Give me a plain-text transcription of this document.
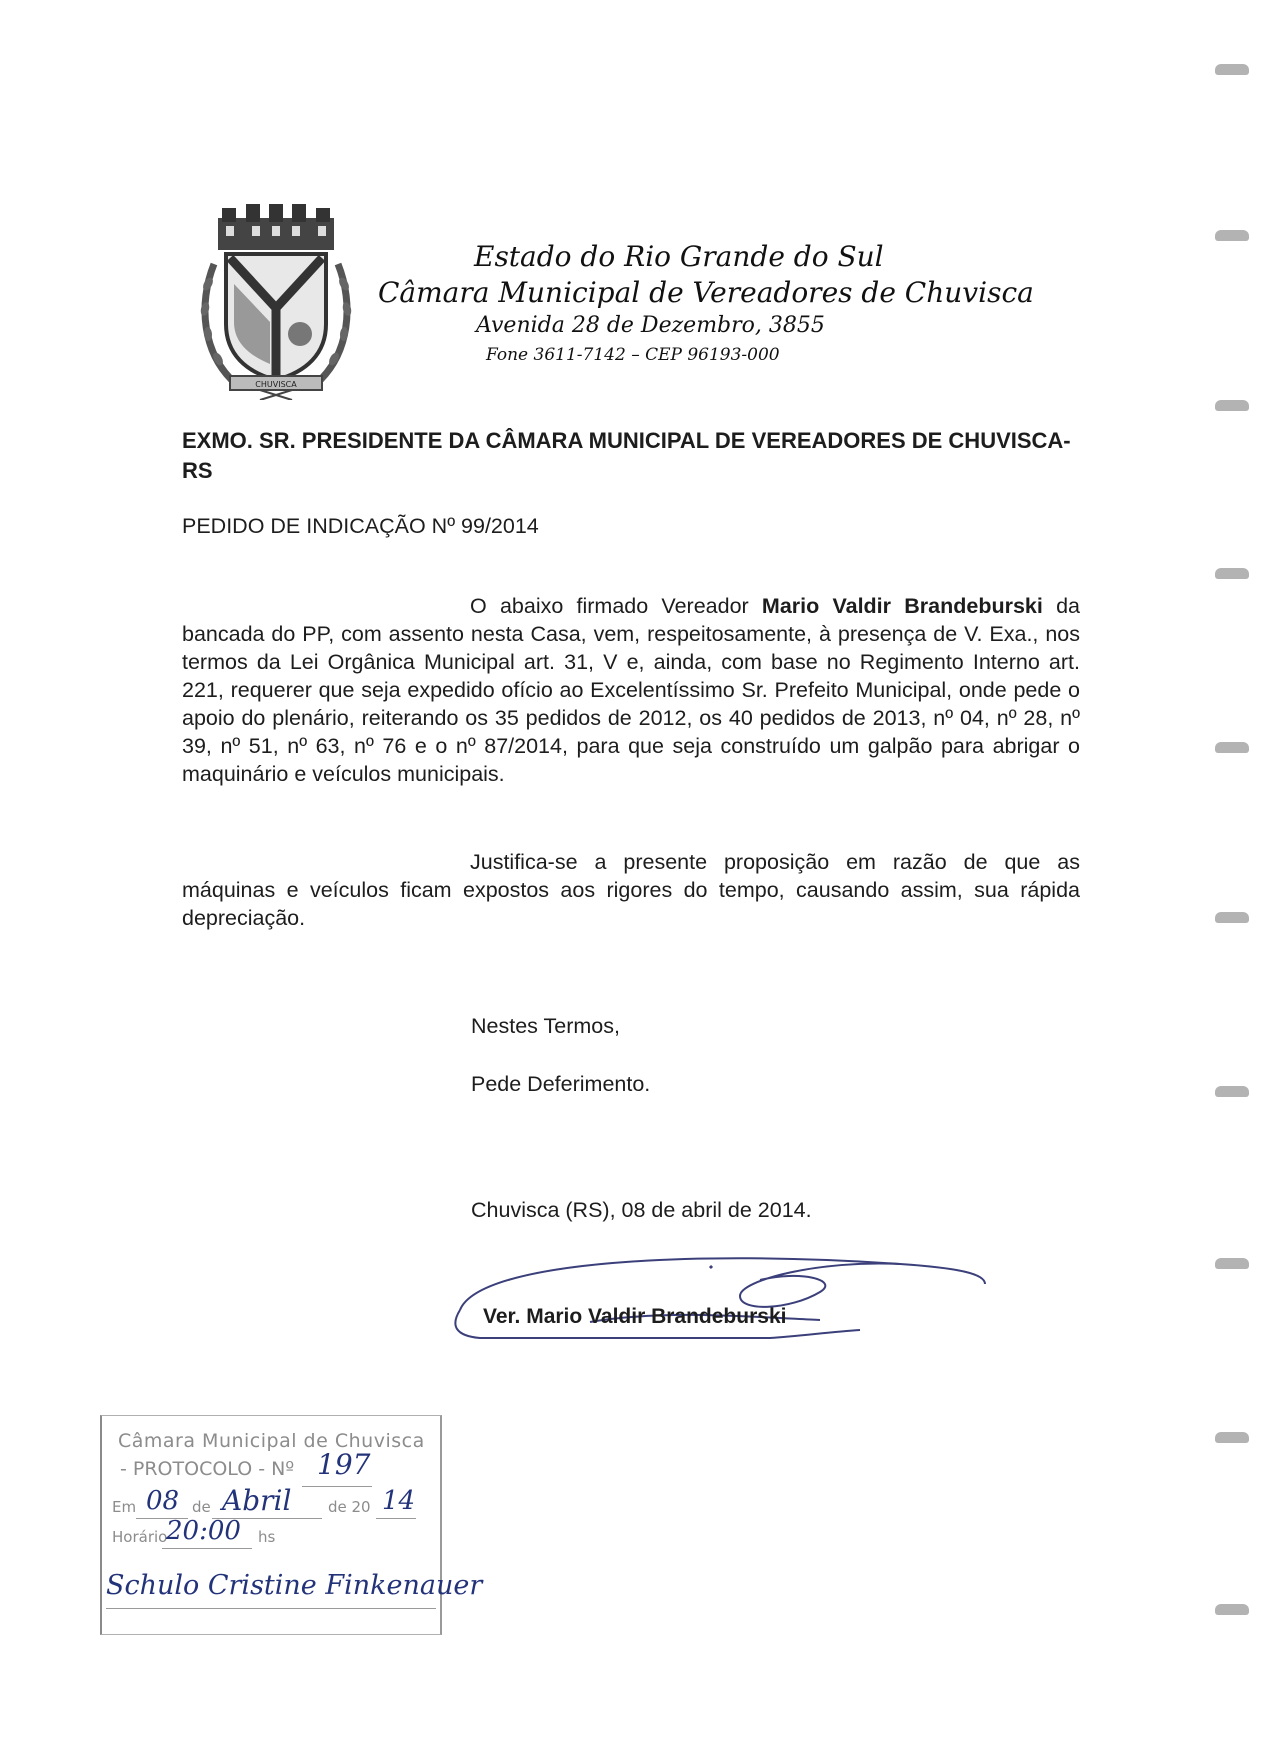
CHUVISCA
Estado do Rio Grande do Sul
Câmara Municipal de Vereadores de Chuvisca
Avenida 28 de Dezembro, 3855
Fone 3611-7142 – CEP 96193-000
EXMO. SR. PRESIDENTE DA CÂMARA MUNICIPAL DE VEREADORES DE CHUVISCA-RS
PEDIDO DE INDICAÇÃO Nº 99/2014
O abaixo firmado Vereador Mario Valdir Brandeburski da bancada do PP, com assento nesta Casa, vem, respeitosamente, à presença de V. Exa., nos termos da Lei Orgânica Municipal art. 31, V e, ainda, com base no Regimento Interno art. 221, requerer que seja expedido ofício ao Excelentíssimo Sr. Prefeito Municipal, onde pede o apoio do plenário, reiterando os 35 pedidos de 2012, os 40 pedidos de 2013, nº 04, nº 28, nº 39, nº 51, nº 63, nº 76 e o nº 87/2014, para que seja construído um galpão para abrigar o maquinário e veículos municipais.
Justifica-se a presente proposição em razão de que as máquinas e veículos ficam expostos aos rigores do tempo, causando assim, sua rápida depreciação.
Nestes Termos,
Pede Deferimento.
Chuvisca (RS), 08 de abril de 2014.
Ver. Mario Valdir Brandeburski
Câmara Municipal de Chuvisca
- PROTOCOLO - Nº 197
Em 08 de Abril de 20 14
Horário
20:00 hs
Schulo Cristine Finkenauer
